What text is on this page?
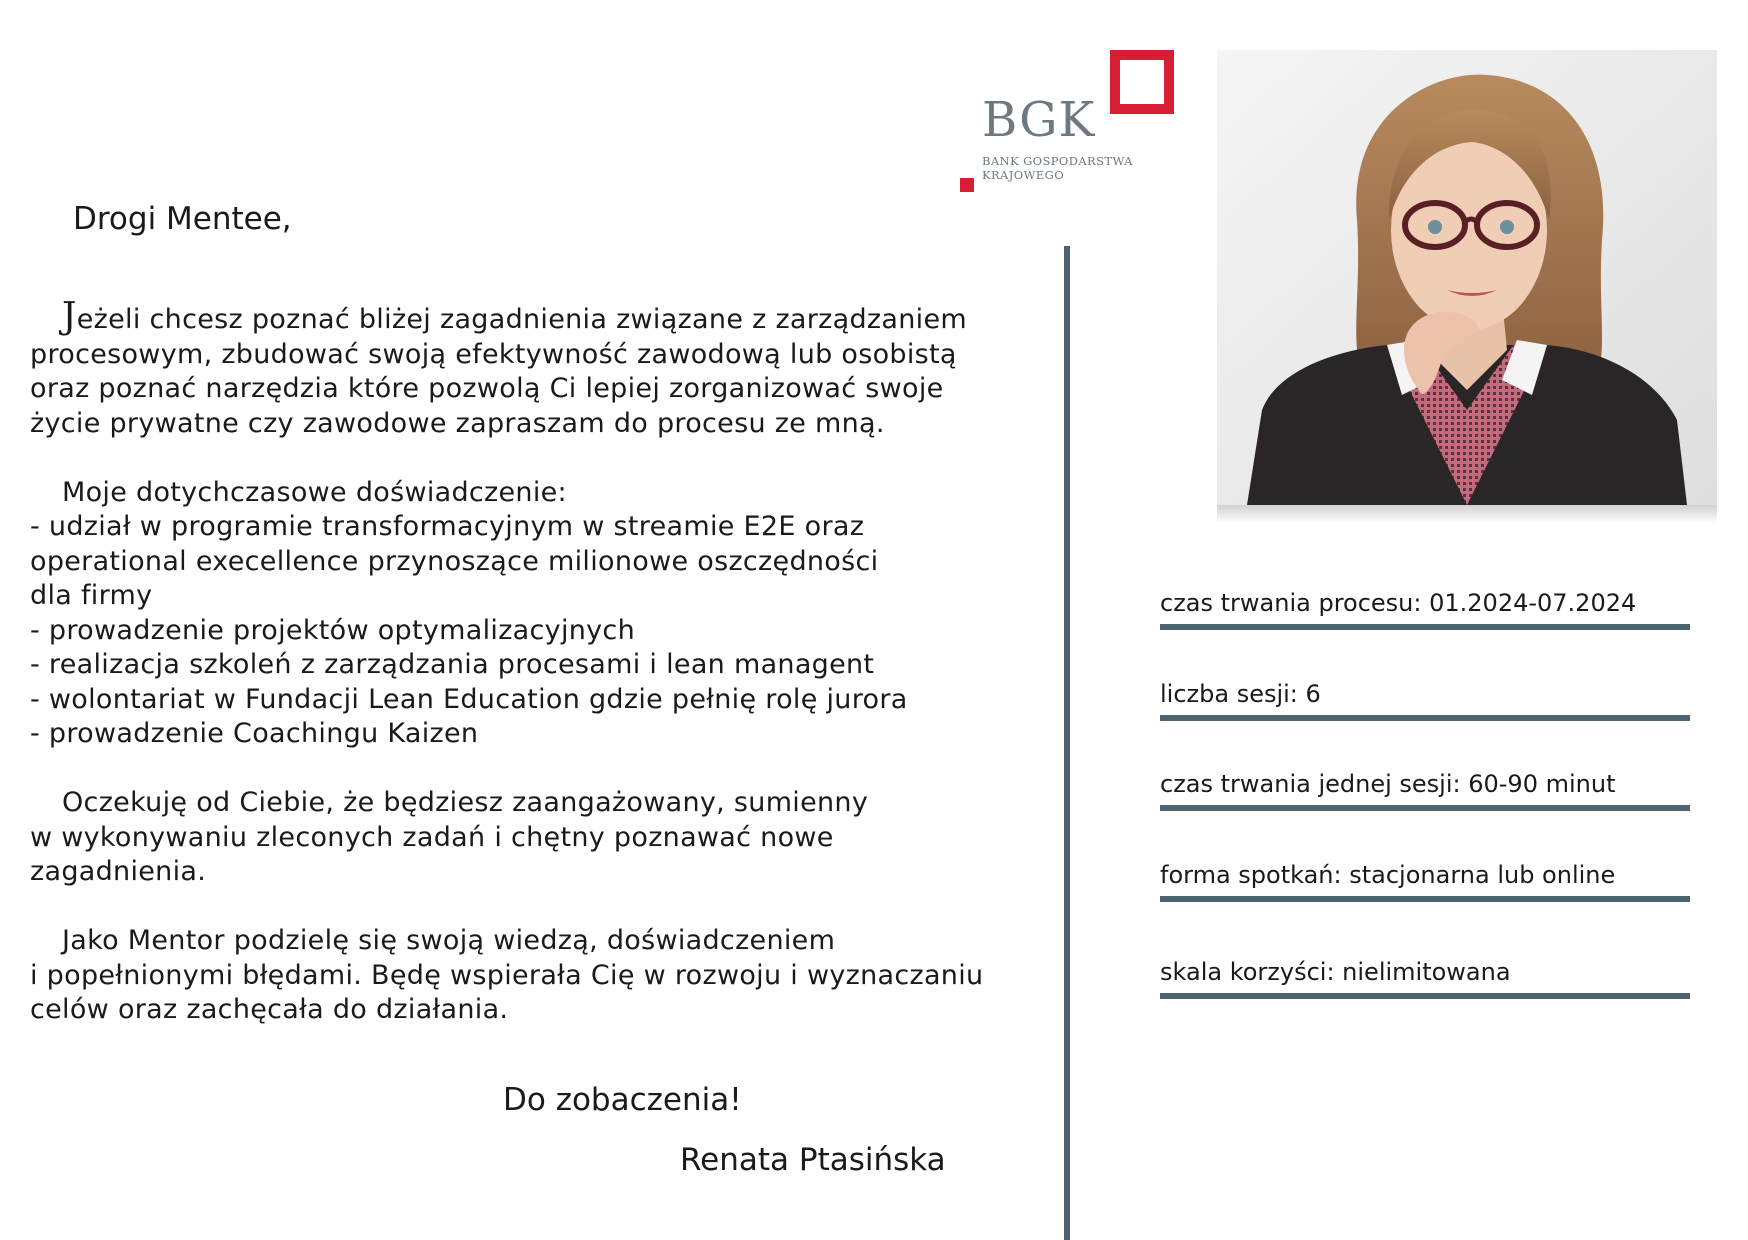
BGK
BANK GOSPODARSTWA
KRAJOWEGO
Drogi Mentee,
Jeżeli chcesz poznać bliżej zagadnienia związane z zarządzaniem
procesowym, zbudować swoją efektywność zawodową lub osobistą
oraz poznać narzędzia które pozwolą Ci lepiej zorganizować swoje
życie prywatne czy zawodowe zapraszam do procesu ze mną.
Moje dotychczasowe doświadczenie:
- udział w programie transformacyjnym w streamie E2E oraz
operational execellence przynoszące milionowe oszczędności
dla firmy
- prowadzenie projektów optymalizacyjnych
- realizacja szkoleń z zarządzania procesami i lean managent
- wolontariat w Fundacji Lean Education gdzie pełnię rolę jurora
- prowadzenie Coachingu Kaizen
Oczekuję od Ciebie, że będziesz zaangażowany, sumienny
w wykonywaniu zleconych zadań i chętny poznawać nowe
zagadnienia.
Jako Mentor podzielę się swoją wiedzą, doświadczeniem
i popełnionymi błędami. Będę wspierała Cię w rozwoju i wyznaczaniu
celów oraz zachęcała do działania.
Do zobaczenia!
Renata Ptasińska
czas trwania procesu: 01.2024-07.2024
liczba sesji: 6
czas trwania jednej sesji: 60-90 minut
forma spotkań: stacjonarna lub online
skala korzyści: nielimitowana
